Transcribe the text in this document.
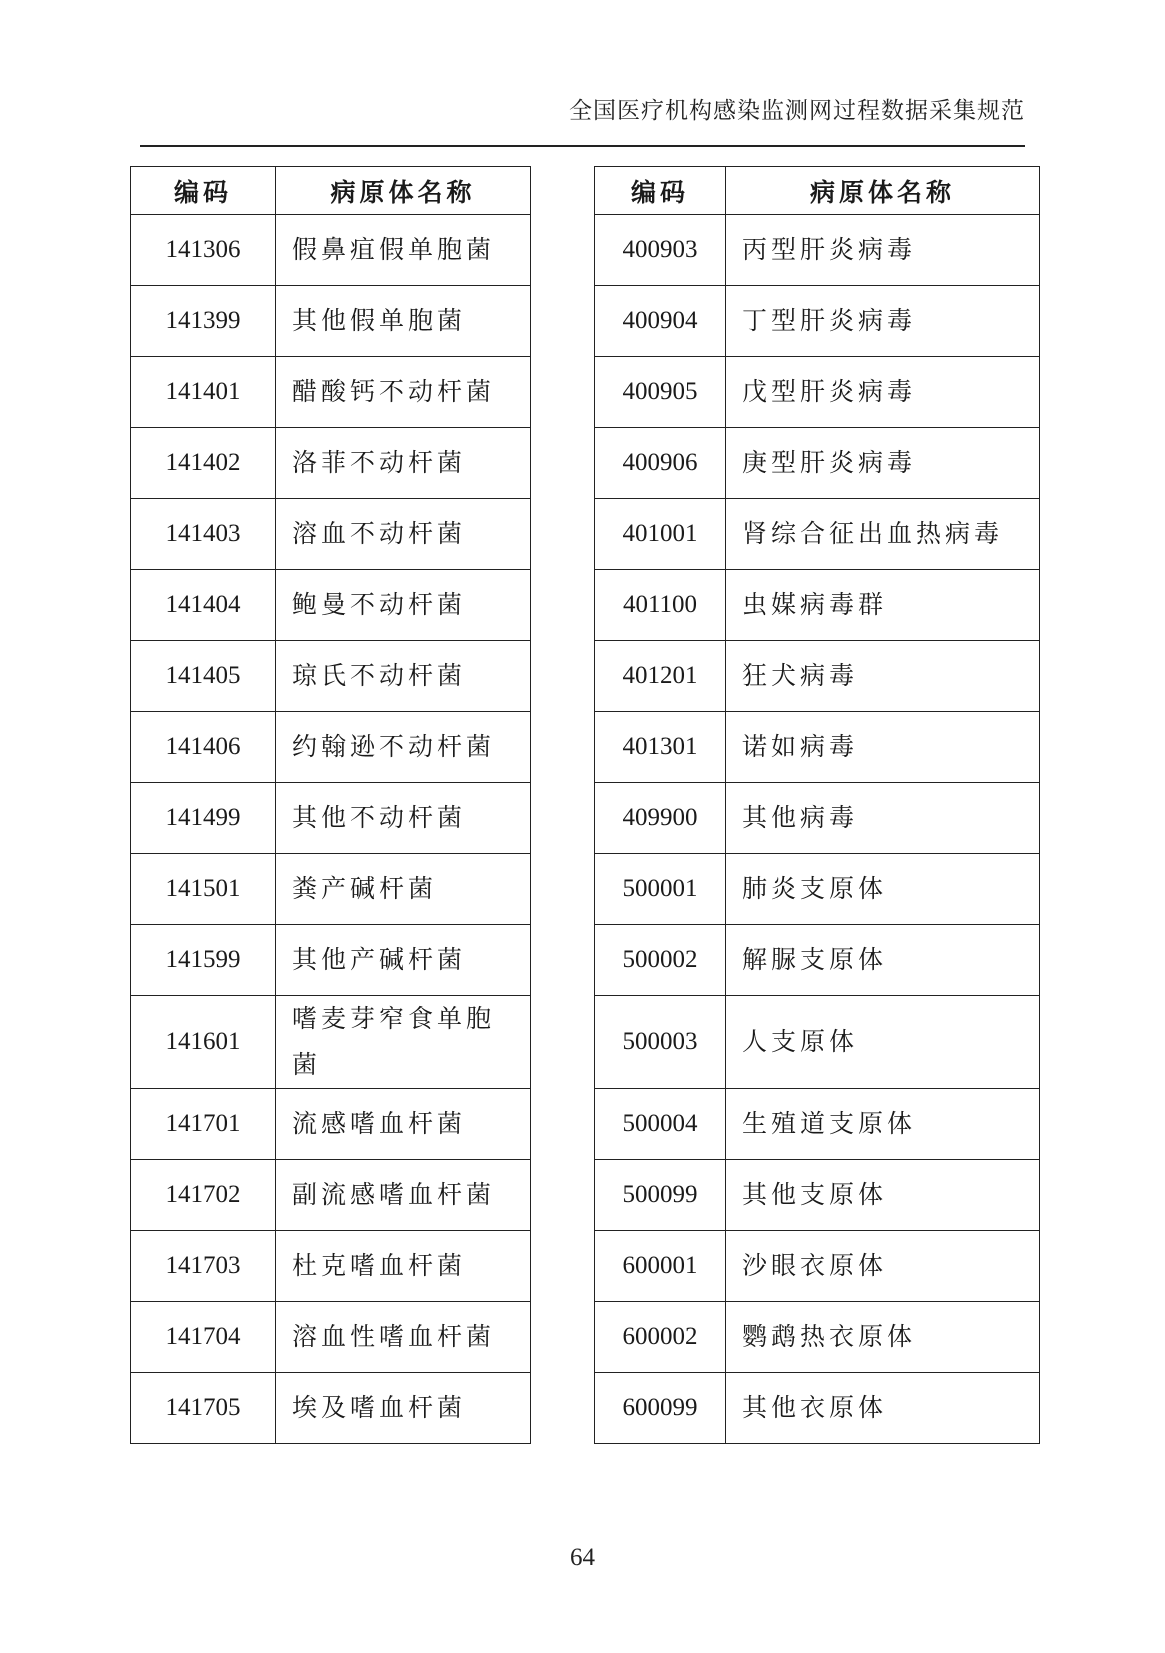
全国医疗机构感染监测网过程数据采集规范
编码	病原体名称
141306	假鼻疽假单胞菌
141399	其他假单胞菌
141401	醋酸钙不动杆菌
141402	洛菲不动杆菌
141403	溶血不动杆菌
141404	鲍曼不动杆菌
141405	琼氏不动杆菌
141406	约翰逊不动杆菌
141499	其他不动杆菌
141501	粪产碱杆菌
141599	其他产碱杆菌
141601	嗜麦芽窄食单胞菌
141701	流感嗜血杆菌
141702	副流感嗜血杆菌
141703	杜克嗜血杆菌
141704	溶血性嗜血杆菌
141705	埃及嗜血杆菌
编码	病原体名称
400903	丙型肝炎病毒
400904	丁型肝炎病毒
400905	戊型肝炎病毒
400906	庚型肝炎病毒
401001	肾综合征出血热病毒
401100	虫媒病毒群
401201	狂犬病毒
401301	诺如病毒
409900	其他病毒
500001	肺炎支原体
500002	解脲支原体
500003	人支原体
500004	生殖道支原体
500099	其他支原体
600001	沙眼衣原体
600002	鹦鹉热衣原体
600099	其他衣原体
64
